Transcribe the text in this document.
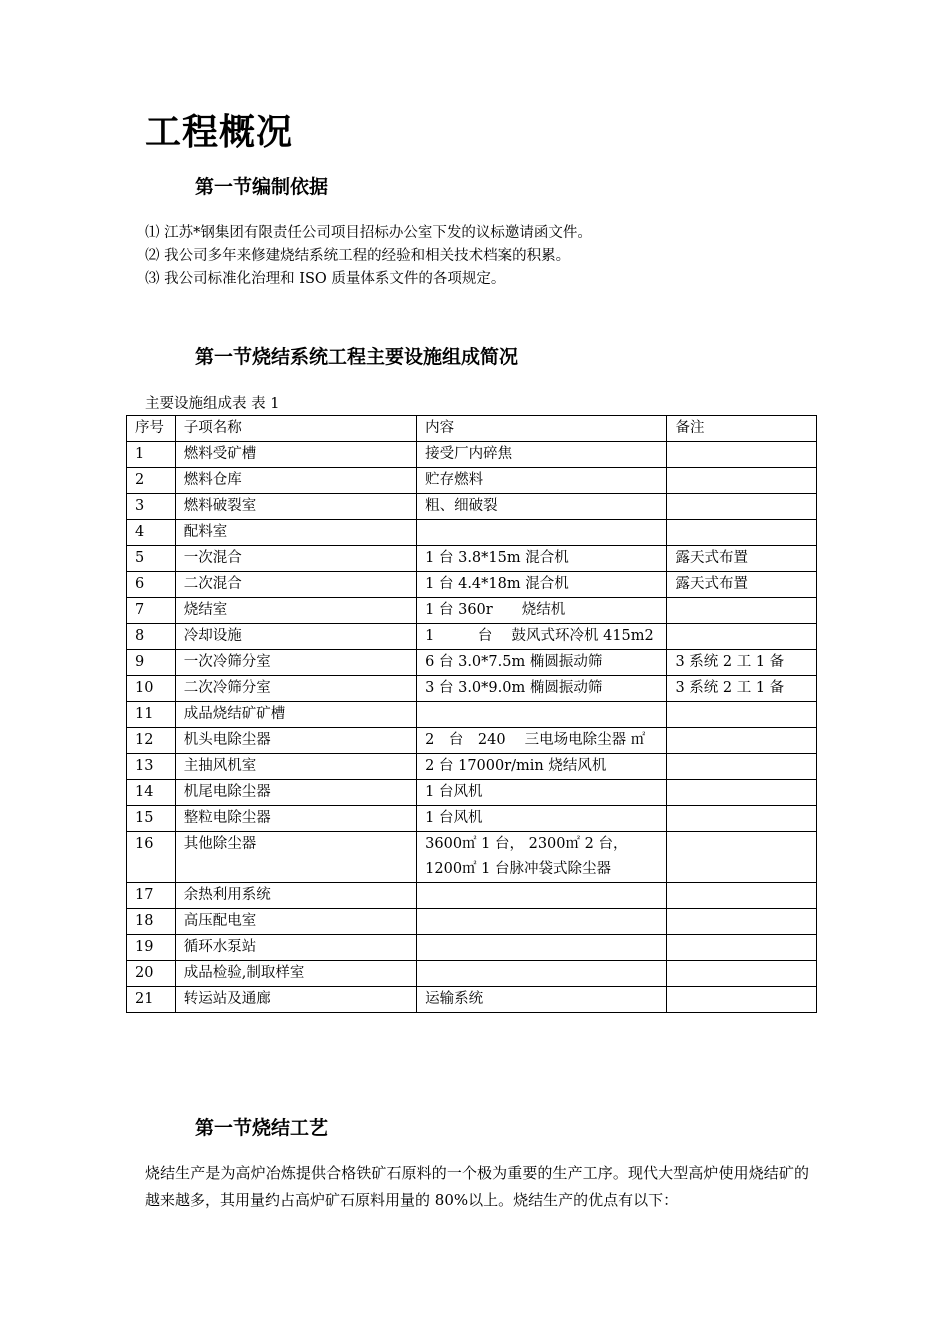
工程概况
第一节编制依据
⑴ 江苏*钢集团有限责任公司项目招标办公室下发的议标邀请函文件。
⑵ 我公司多年来修建烧结系统工程的经验和相关技术档案的积累。
⑶ 我公司标准化治理和 ISO 质量体系文件的各项规定。
第一节烧结系统工程主要设施组成简况
主要设施组成表 表 1
序号	子项名称	内容	备注
1	燃料受矿槽	接受厂内碎焦	
2	燃料仓库	贮存燃料	
3	燃料破裂室	粗、细破裂	
4	配料室		
5	一次混合	1 台 3.8*15m 混合机	露天式布置
6	二次混合	1 台 4.4*18m 混合机	露天式布置
7	烧结室	1 台 360r　　烧结机	
8	冷却设施	1　　　台　 鼓风式环冷机 415m2	
9	一次冷筛分室	6 台 3.0*7.5m 椭圆振动筛	3 系统 2 工 1 备
10	二次冷筛分室	3 台 3.0*9.0m 椭圆振动筛	3 系统 2 工 1 备
11	成品烧结矿矿槽		
12	机头电除尘器	2　台　240　 三电场电除尘器 ㎡	
13	主抽风机室	2 台 17000r/min 烧结风机	
14	机尾电除尘器	1 台风机	
15	整粒电除尘器	1 台风机	
16	其他除尘器	3600㎡ 1 台， 2300㎡ 2 台， 1200㎡ 1 台脉冲袋式除尘器	
17	余热利用系统		
18	高压配电室		
19	循环水泵站		
20	成品检验,制取样室		
21	转运站及通廊	运输系统	
第一节烧结工艺
烧结生产是为高炉冶炼提供合格铁矿石原料的一个极为重要的生产工序。现代大型高炉使用烧结矿的越来越多，其用量约占高炉矿石原料用量的 80%以上。烧结生产的优点有以下：
